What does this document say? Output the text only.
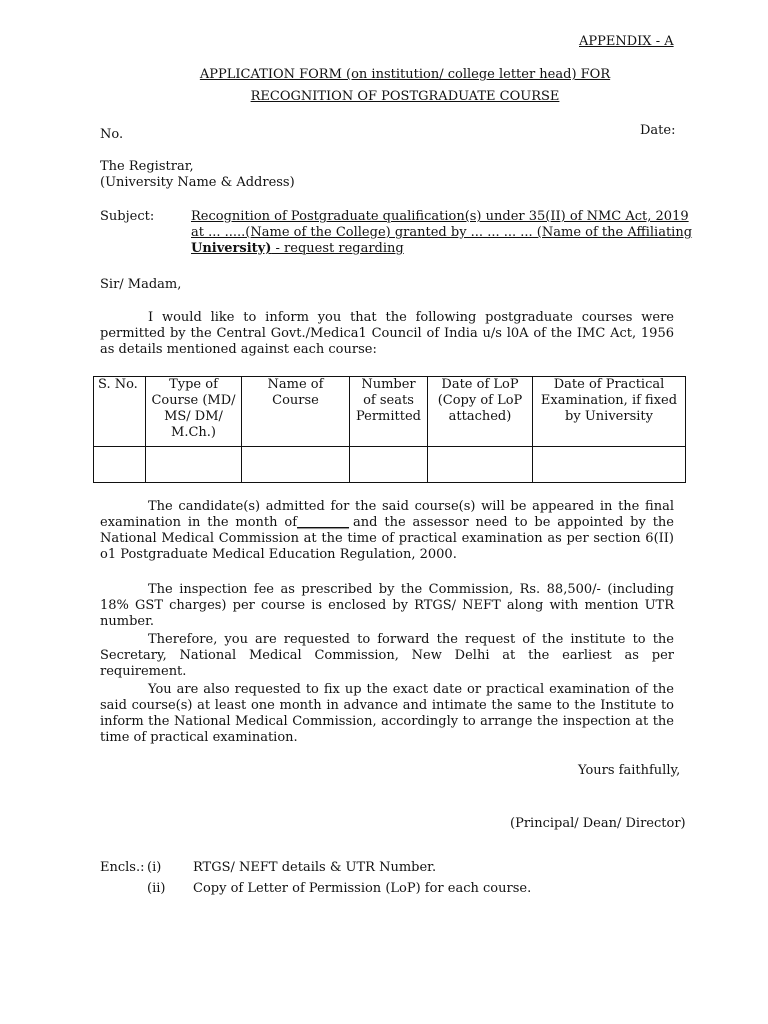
APPENDIX - A
APPLICATION FORM (on institution/ college letter head) FOR
RECOGNITION OF POSTGRADUATE COURSE
No.	Date:
The Registrar,
(University Name & Address)
Subject:	Recognition of Postgraduate qualification(s) under 35(II) of NMC Act, 2019
at ... .....(Name of the College) granted by ... ... ... ... (Name of the Affiliating
University) - request regarding
Sir/ Madam,
I would like to inform you that the following postgraduate courses were permitted by the Central Govt./Medica1 Council of India u/s l0A of the IMC Act, 1956 as details mentioned against each course:
S. No.	Type of Course (MD/ MS/ DM/ M.Ch.)	Name of Course	Number of seats Permitted	Date of LoP (Copy of LoP attached)	Date of Practical Examination, if fixed by University

The candidate(s) admitted for the said course(s) will be appeared in the final examination in the month of________ and the assessor need to be appointed by the National Medical Commission at the time of practical examination as per section 6(II) o1 Postgraduate Medical Education Regulation, 2000.
The inspection fee as prescribed by the Commission, Rs. 88,500/- (including 18% GST charges) per course is enclosed by RTGS/ NEFT along with mention UTR number.
Therefore, you are requested to forward the request of the institute to the Secretary, National Medical Commission, New Delhi at the earliest as per requirement.
You are also requested to fix up the exact date or practical examination of the said course(s) at least one month in advance and intimate the same to the Institute to inform the National Medical Commission, accordingly to arrange the inspection at the time of practical examination.
Yours faithfully,
(Principal/ Dean/ Director)
Encls.: (i) RTGS/ NEFT details & UTR Number.
(ii) Copy of Letter of Permission (LoP) for each course.
